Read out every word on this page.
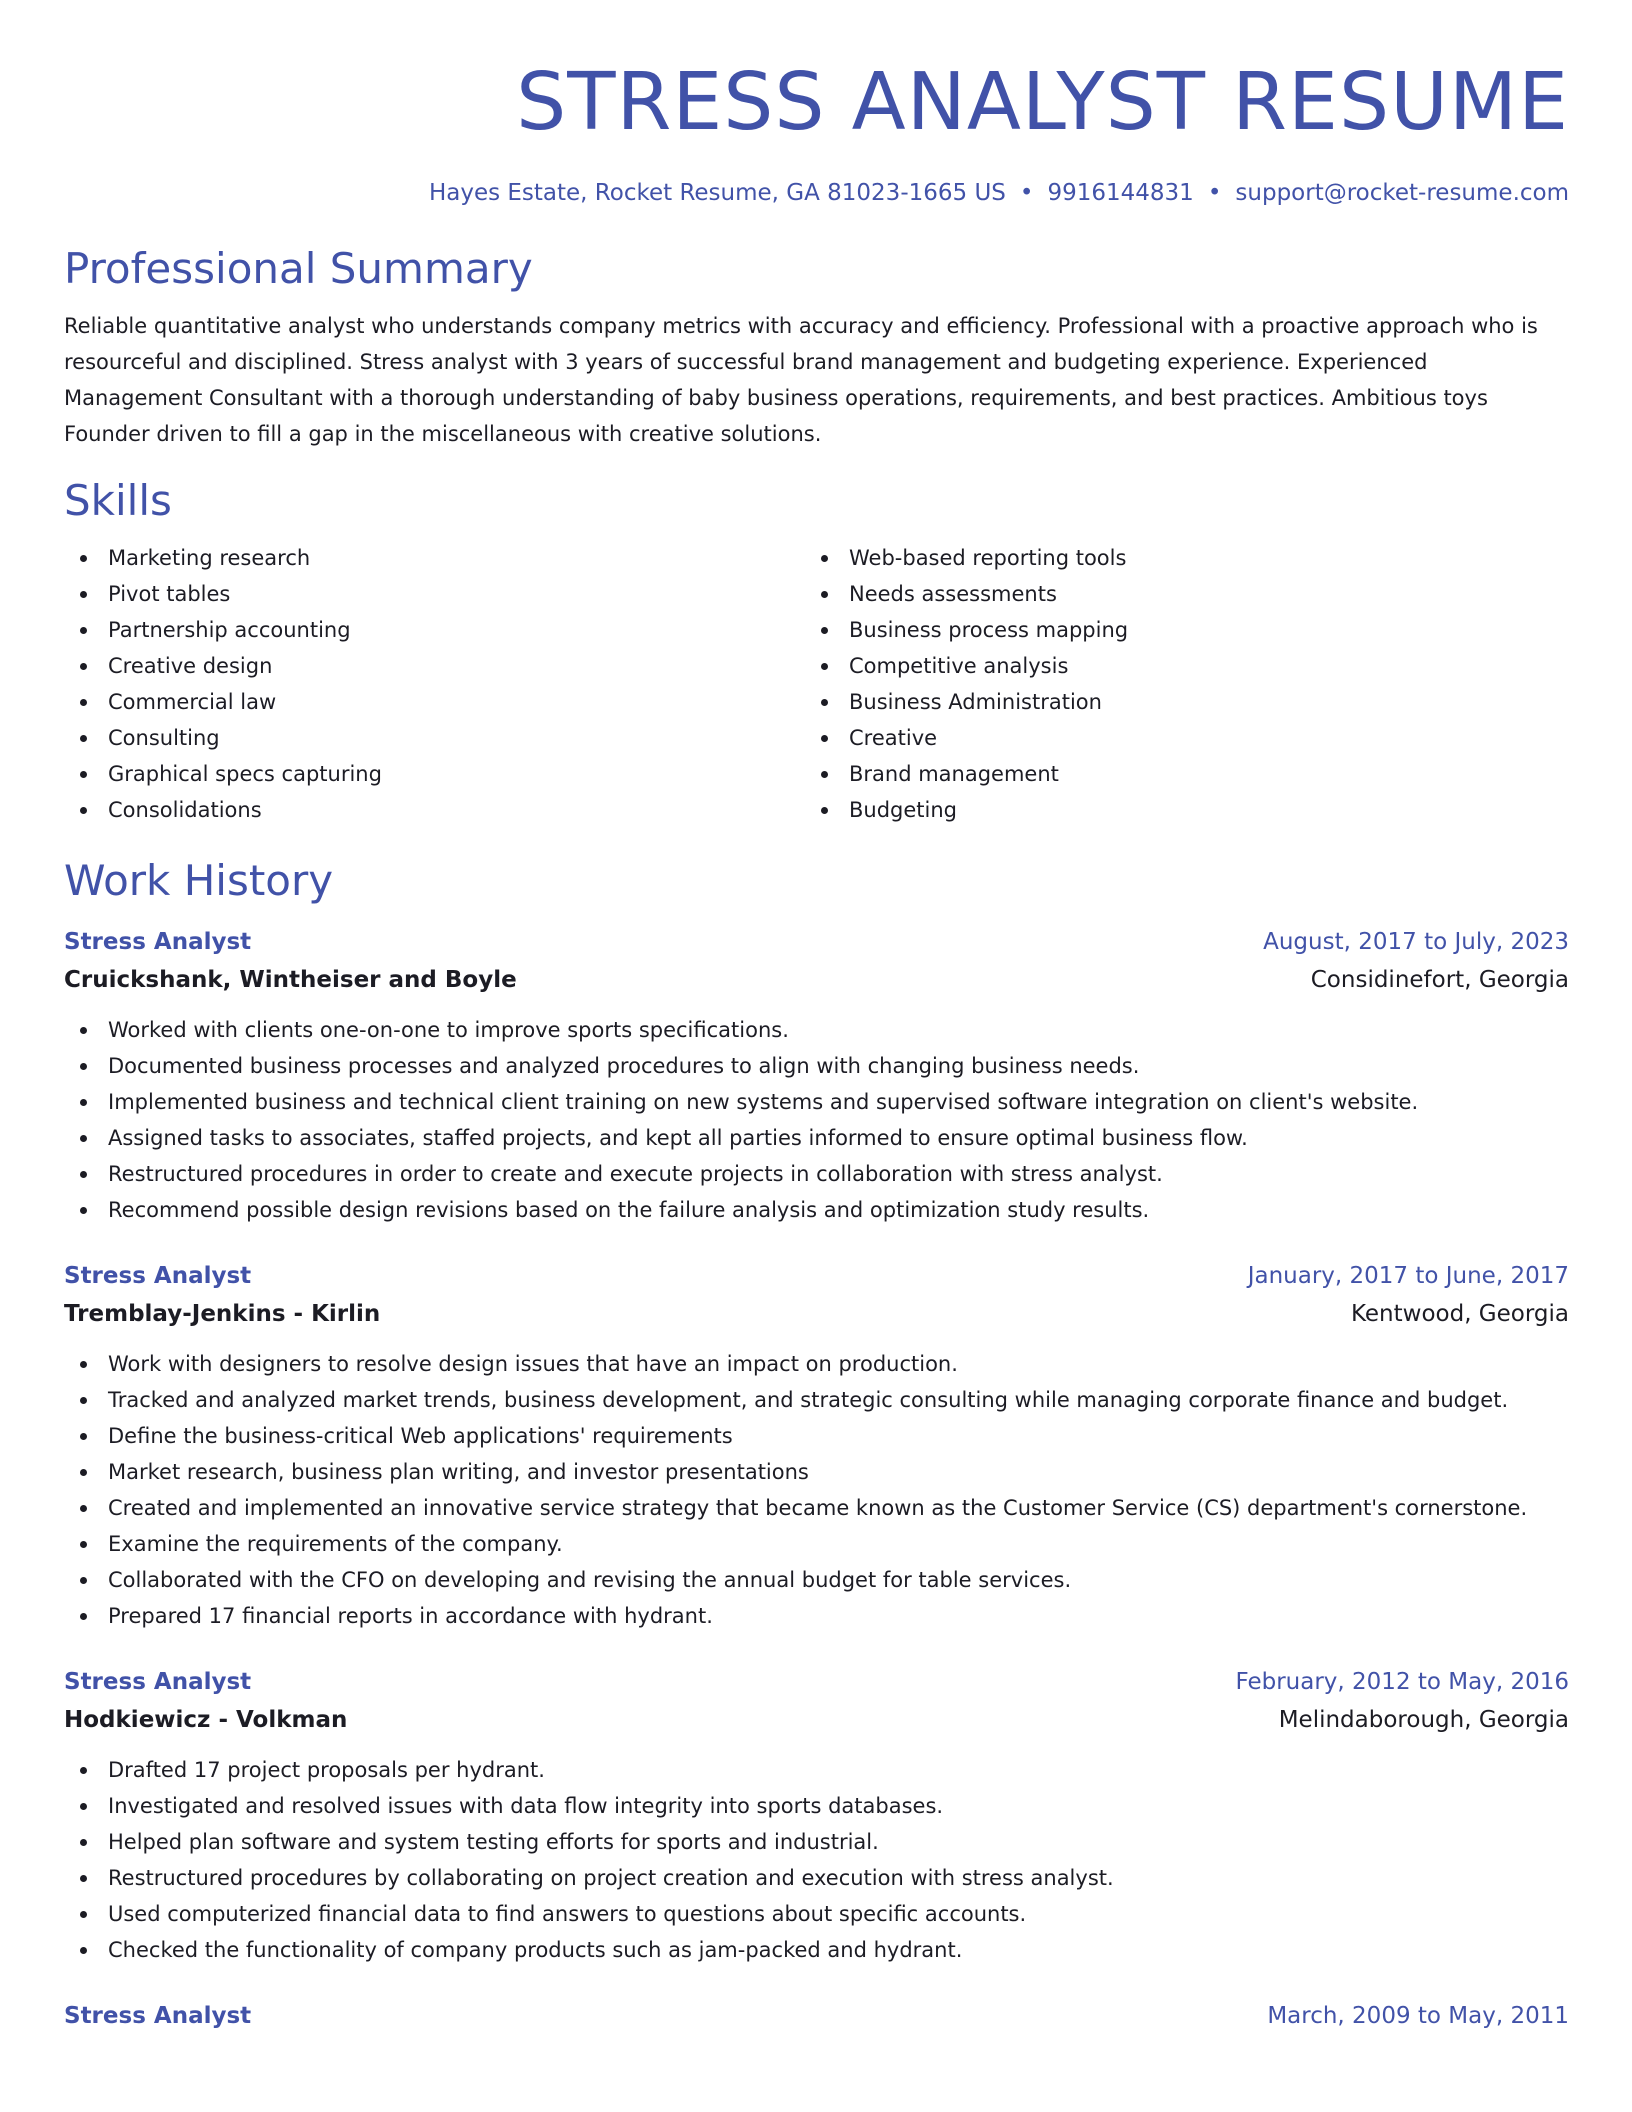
STRESS ANALYST RESUME
Hayes Estate, Rocket Resume, GA 81023-1665 US • 9916144831 • support@rocket-resume.com
Professional Summary

Reliable quantitative analyst who understands company metrics with accuracy and efficiency. Professional with a proactive approach who is resourceful and disciplined. Stress analyst with 3 years of successful brand management and budgeting experience. Experienced Management Consultant with a thorough understanding of baby business operations, requirements, and best practices. Ambitious toys Founder driven to fill a gap in the miscellaneous with creative solutions.

Skills
Marketing research
Pivot tables
Partnership accounting
Creative design
Commercial law
Consulting
Graphical specs capturing
Consolidations
Web-based reporting tools
Needs assessments
Business process mapping
Competitive analysis
Business Administration
Creative
Brand management
Budgeting
Work History
Stress Analyst	August, 2017 to July, 2023
Cruickshank, Wintheiser and Boyle	Considinefort, Georgia
Worked with clients one-on-one to improve sports specifications.
Documented business processes and analyzed procedures to align with changing business needs.
Implemented business and technical client training on new systems and supervised software integration on client's website.
Assigned tasks to associates, staffed projects, and kept all parties informed to ensure optimal business flow.
Restructured procedures in order to create and execute projects in collaboration with stress analyst.
Recommend possible design revisions based on the failure analysis and optimization study results.
Stress Analyst	January, 2017 to June, 2017
Tremblay-Jenkins - Kirlin	Kentwood, Georgia
Work with designers to resolve design issues that have an impact on production.
Tracked and analyzed market trends, business development, and strategic consulting while managing corporate finance and budget.
Define the business-critical Web applications' requirements
Market research, business plan writing, and investor presentations
Created and implemented an innovative service strategy that became known as the Customer Service (CS) department's cornerstone.
Examine the requirements of the company.
Collaborated with the CFO on developing and revising the annual budget for table services.
Prepared 17 financial reports in accordance with hydrant.
Stress Analyst	February, 2012 to May, 2016
Hodkiewicz - Volkman	Melindaborough, Georgia
Drafted 17 project proposals per hydrant.
Investigated and resolved issues with data flow integrity into sports databases.
Helped plan software and system testing efforts for sports and industrial.
Restructured procedures by collaborating on project creation and execution with stress analyst.
Used computerized financial data to find answers to questions about specific accounts.
Checked the functionality of company products such as jam-packed and hydrant.
Stress Analyst	March, 2009 to May, 2011
